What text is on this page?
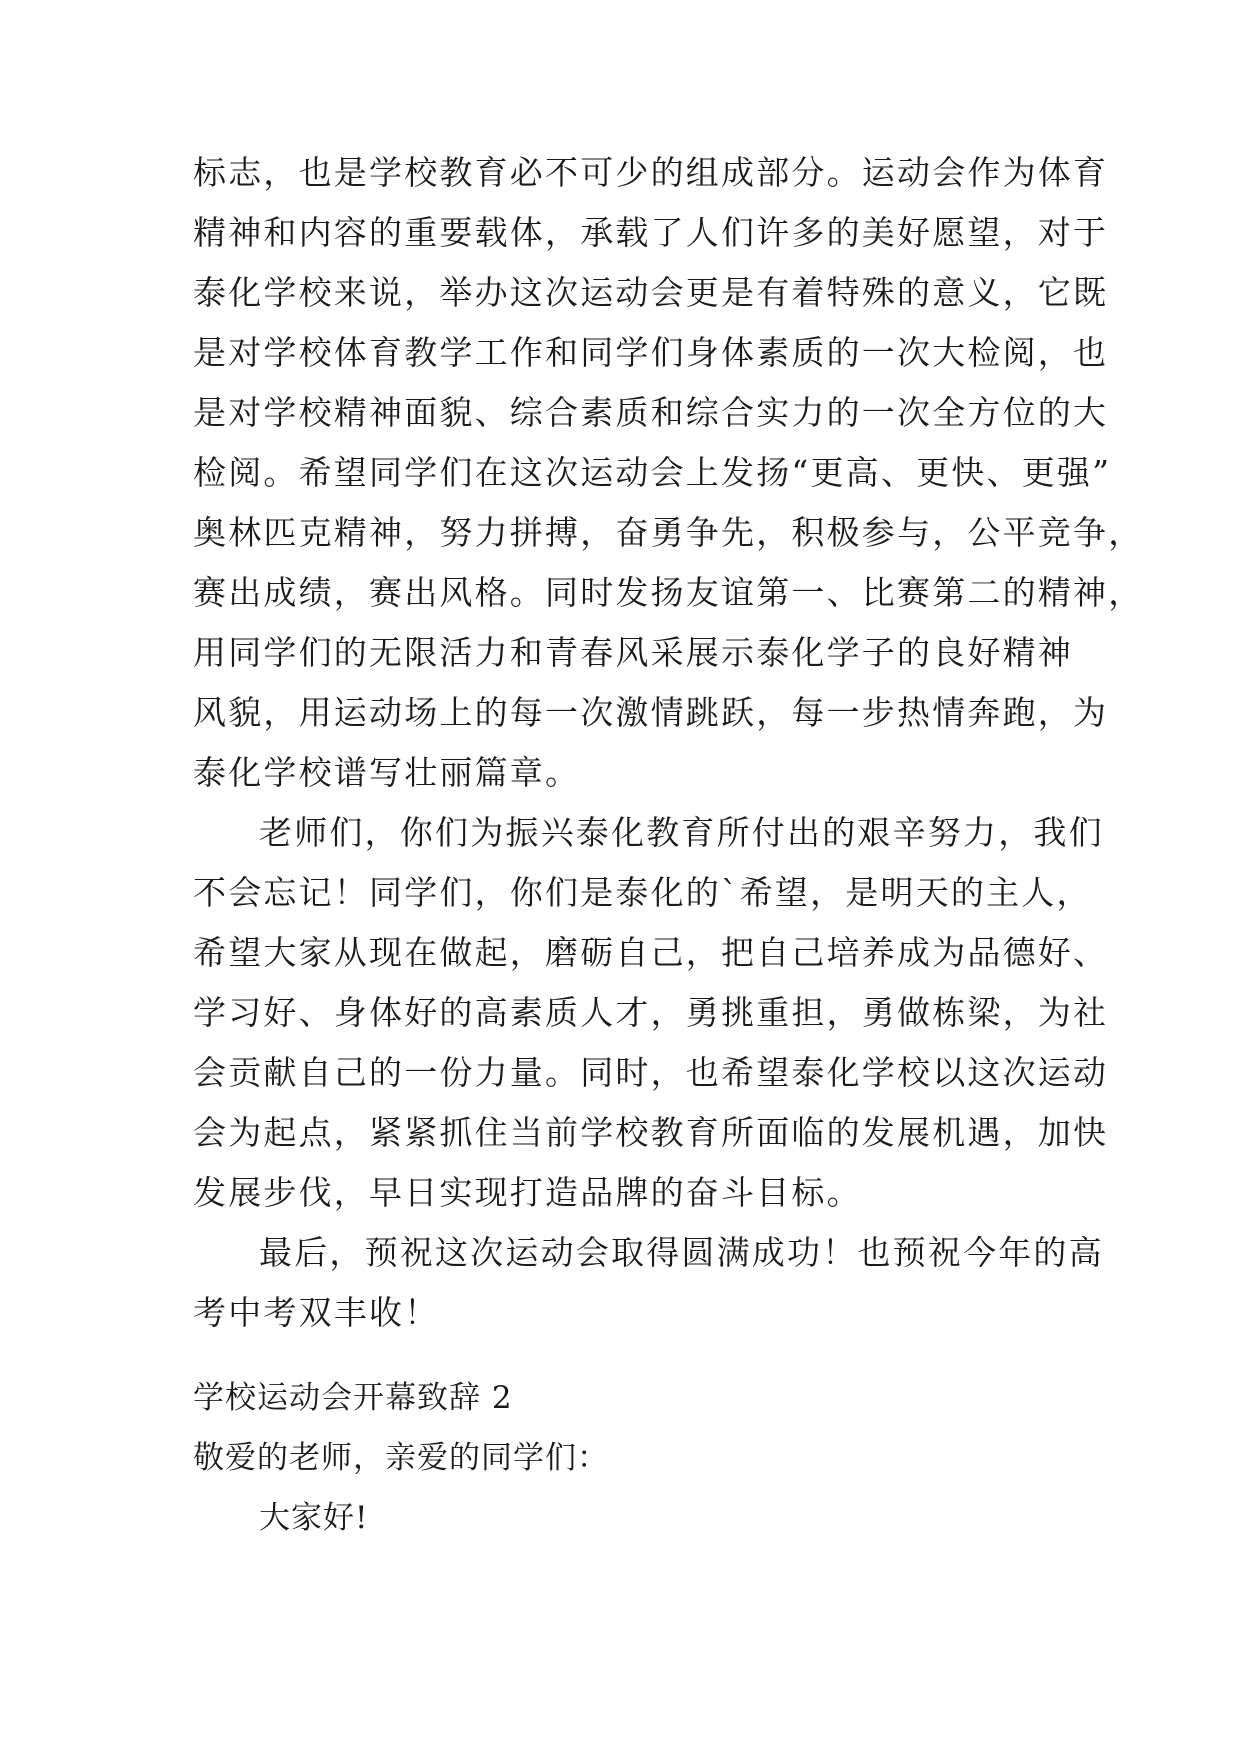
标志，也是学校教育必不可少的组成部分。运动会作为体育
精神和内容的重要载体，承载了人们许多的美好愿望，对于
泰化学校来说，举办这次运动会更是有着特殊的意义，它既
是对学校体育教学工作和同学们身体素质的一次大检阅，也
是对学校精神面貌、综合素质和综合实力的一次全方位的大
检阅。希望同学们在这次运动会上发扬“更高、更快、更强”
奥林匹克精神，努力拼搏，奋勇争先，积极参与，公平竞争，
赛出成绩，赛出风格。同时发扬友谊第一、比赛第二的精神，
用同学们的无限活力和青春风采展示泰化学子的良好精神
风貌，用运动场上的每一次激情跳跃，每一步热情奔跑，为
泰化学校谱写壮丽篇章。
老师们，你们为振兴泰化教育所付出的艰辛努力，我们
不会忘记！同学们，你们是泰化的`希望，是明天的主人，
希望大家从现在做起，磨砺自己，把自己培养成为品德好、
学习好、身体好的高素质人才，勇挑重担，勇做栋梁，为社
会贡献自己的一份力量。同时，也希望泰化学校以这次运动
会为起点，紧紧抓住当前学校教育所面临的发展机遇，加快
发展步伐，早日实现打造品牌的奋斗目标。
最后，预祝这次运动会取得圆满成功！也预祝今年的高
考中考双丰收！
学校运动会开幕致辞 2
敬爱的老师，亲爱的同学们：
大家好!
